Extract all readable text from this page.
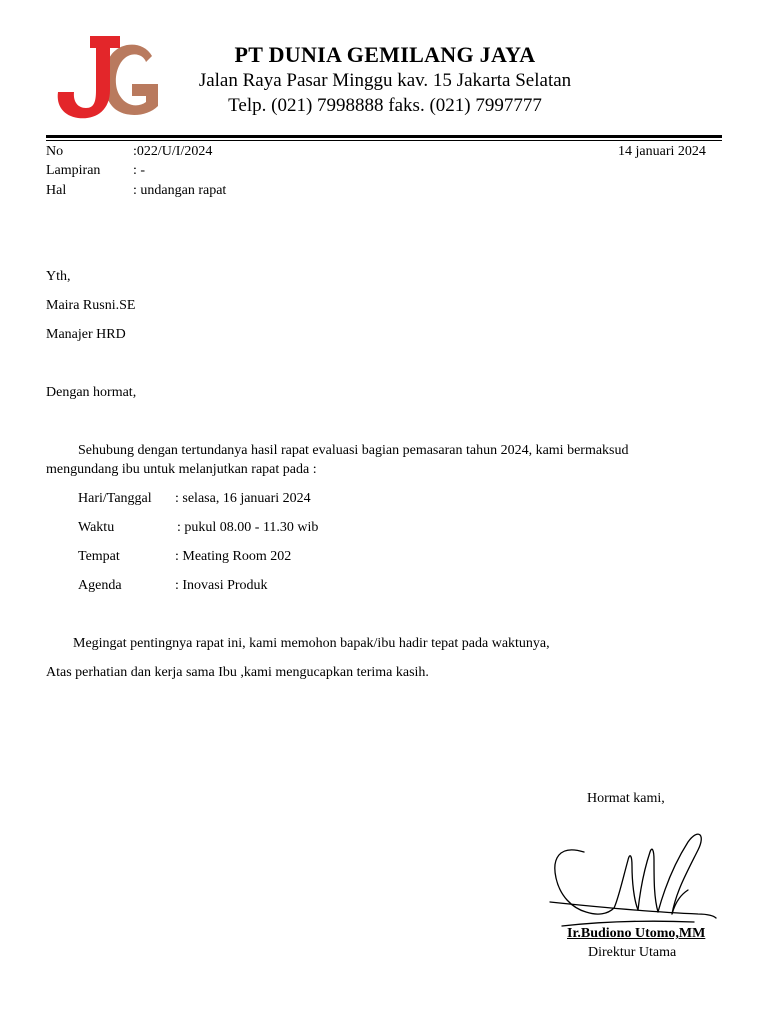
PT DUNIA GEMILANG JAYA
Jalan Raya Pasar Minggu kav. 15 Jakarta Selatan
Telp. (021) 7998888 faks. (021) 7997777
No	:022/U/I/2024	14 januari 2024
Lampiran : -
Hal	: undangan rapat
Yth,
Maira Rusni.SE
Manajer HRD
Dengan hormat,
Sehubung dengan tertundanya hasil rapat evaluasi bagian pemasaran tahun 2024, kami bermaksud
mengundang ibu untuk melanjutkan rapat pada :
Hari/Tanggal : selasa, 16 januari 2024
Waktu	: pukul 08.00 - 11.30 wib
Tempat	: Meating Room 202
Agenda	: Inovasi Produk
Megingat pentingnya rapat ini, kami memohon bapak/ibu hadir tepat pada waktunya,
Atas perhatian dan kerja sama Ibu ,kami mengucapkan terima kasih.
Hormat kami,
Ir.Budiono Utomo,MM
Direktur Utama
